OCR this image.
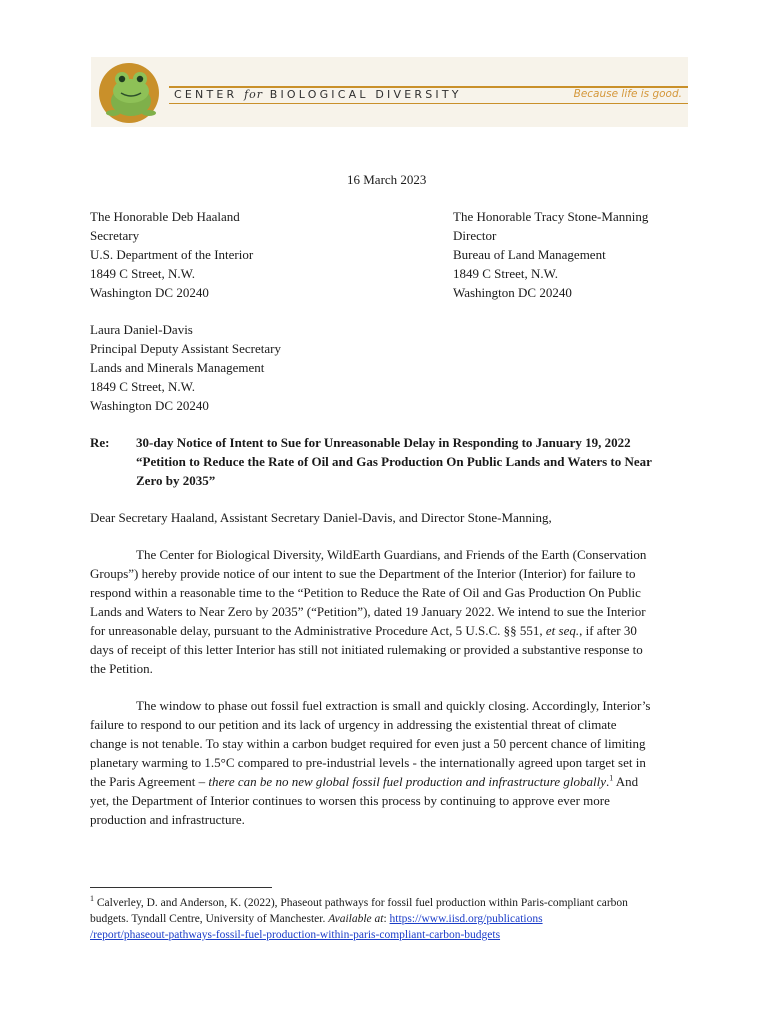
CENTER for BIOLOGICAL DIVERSITY	Because life is good.
16 March 2023
The Honorable Deb Haaland
Secretary
U.S. Department of the Interior
1849 C Street, N.W.
Washington DC 20240
The Honorable Tracy Stone-Manning
Director
Bureau of Land Management
1849 C Street, N.W.
Washington DC 20240
Laura Daniel-Davis
Principal Deputy Assistant Secretary
Lands and Minerals Management
1849 C Street, N.W.
Washington DC 20240
Re: 30-day Notice of Intent to Sue for Unreasonable Delay in Responding to January 19, 2022
“Petition to Reduce the Rate of Oil and Gas Production On Public Lands and Waters to Near
Zero by 2035”
Dear Secretary Haaland, Assistant Secretary Daniel-Davis, and Director Stone-Manning,
The Center for Biological Diversity, WildEarth Guardians, and Friends of the Earth (Conservation
Groups”) hereby provide notice of our intent to sue the Department of the Interior (Interior) for failure to
respond within a reasonable time to the “Petition to Reduce the Rate of Oil and Gas Production On Public
Lands and Waters to Near Zero by 2035” (“Petition”), dated 19 January 2022. We intend to sue the Interior
for unreasonable delay, pursuant to the Administrative Procedure Act, 5 U.S.C. §§ 551, et seq., if after 30
days of receipt of this letter Interior has still not initiated rulemaking or provided a substantive response to
the Petition.
The window to phase out fossil fuel extraction is small and quickly closing. Accordingly, Interior’s
failure to respond to our petition and its lack of urgency in addressing the existential threat of climate
change is not tenable. To stay within a carbon budget required for even just a 50 percent chance of limiting
planetary warming to 1.5°C compared to pre-industrial levels - the internationally agreed upon target set in
the Paris Agreement – there can be no new global fossil fuel production and infrastructure globally.$^1$ And
yet, the Department of Interior continues to worsen this process by continuing to approve ever more
production and infrastructure.
$^1$ Calverley, D. and Anderson, K. (2022), Phaseout pathways for fossil fuel production within Paris-compliant carbon
budgets. Tyndall Centre, University of Manchester. Available at: https://www.iisd.org/publications
/report/phaseout-pathways-fossil-fuel-production-within-paris-compliant-carbon-budgets
